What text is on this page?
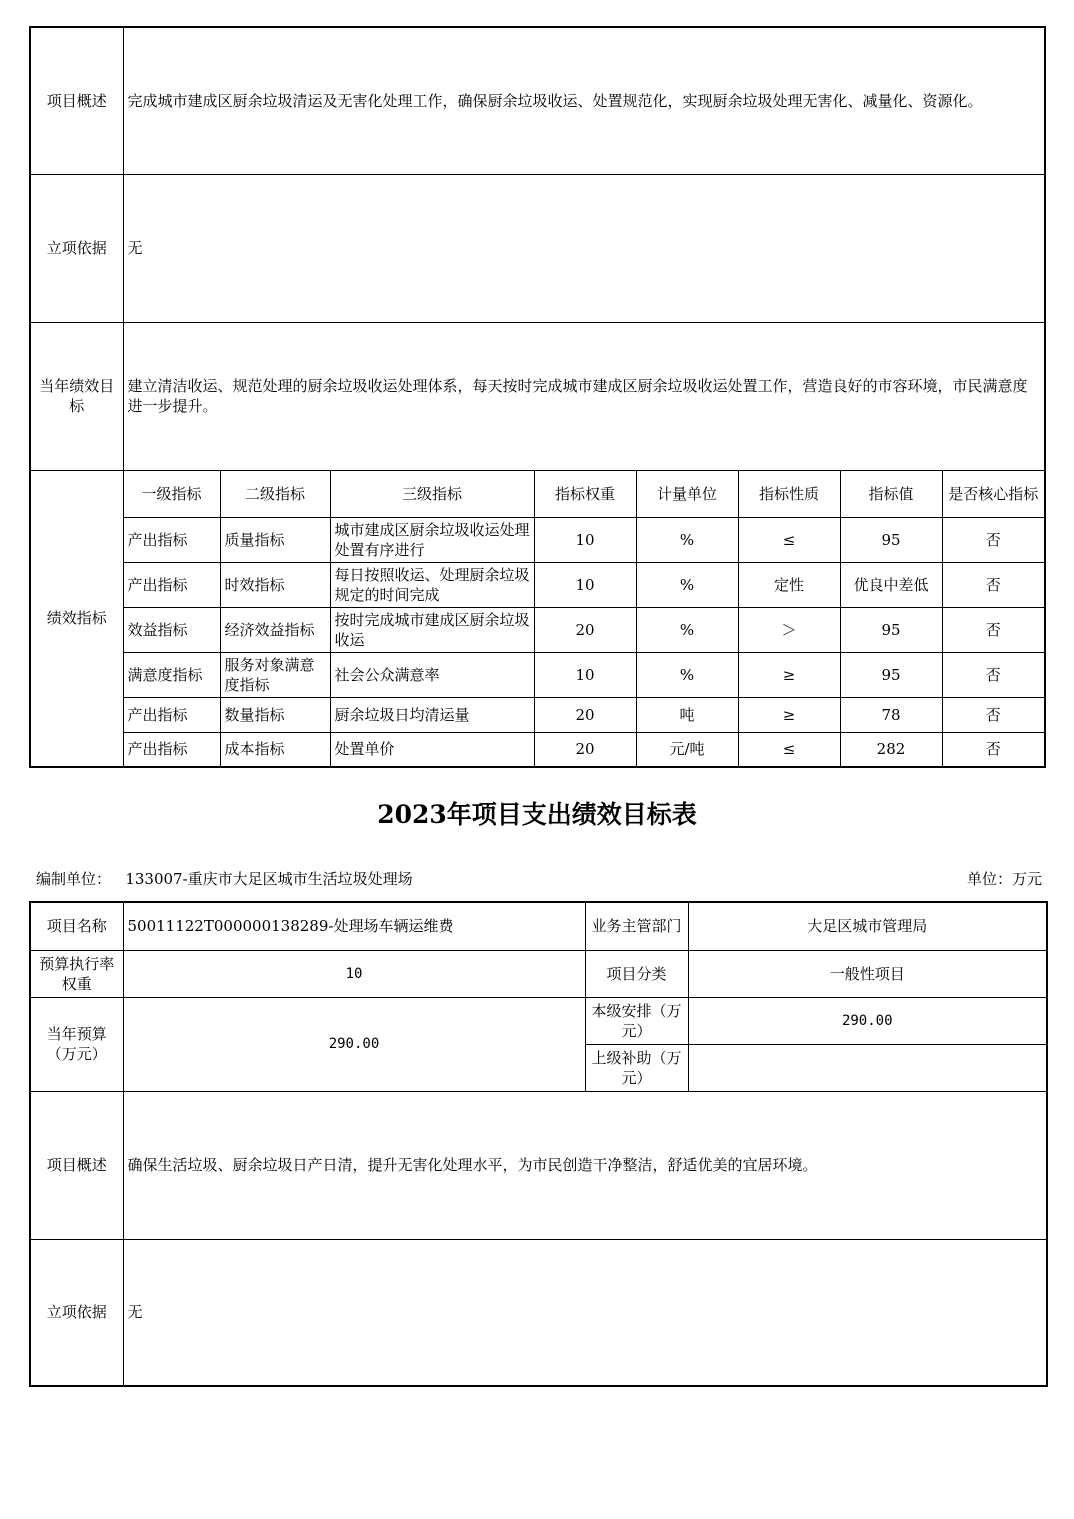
项目概述	完成城市建成区厨余垃圾清运及无害化处理工作，确保厨余垃圾收运、处置规范化，实现厨余垃圾处理无害化、减量化、资源化。							
立项依据	无							
当年绩效目标	建立清洁收运、规范处理的厨余垃圾收运处理体系，每天按时完成城市建成区厨余垃圾收运处置工作，营造良好的市容环境，市民满意度进一步提升。							
绩效指标	一级指标	二级指标	三级指标	指标权重	计量单位	指标性质	指标值	是否核心指标
	产出指标	质量指标	城市建成区厨余垃圾收运处理处置有序进行	10	%	≤	95	否
	产出指标	时效指标	每日按照收运、处理厨余垃圾规定的时间完成	10	%	定性	优良中差低	否
	效益指标	经济效益指标	按时完成城市建成区厨余垃圾收运	20	%	＞	95	否
	满意度指标	服务对象满意度指标	社会公众满意率	10	%	≥	95	否
	产出指标	数量指标	厨余垃圾日均清运量	20	吨	≥	78	否
	产出指标	成本指标	处置单价	20	元/吨	≤	282	否
2023年项目支出绩效目标表
编制单位： 133007-重庆市大足区城市生活垃圾处理场	单位：万元
项目名称	50011122T000000138289-处理场车辆运维费	业务主管部门	大足区城市管理局
预算执行率权重	10	项目分类	一般性项目
当年预算（万元）	290.00	本级安排（万元）	290.00
		上级补助（万元）	
项目概述	确保生活垃圾、厨余垃圾日产日清，提升无害化处理水平，为市民创造干净整洁，舒适优美的宜居环境。		
立项依据	无		
